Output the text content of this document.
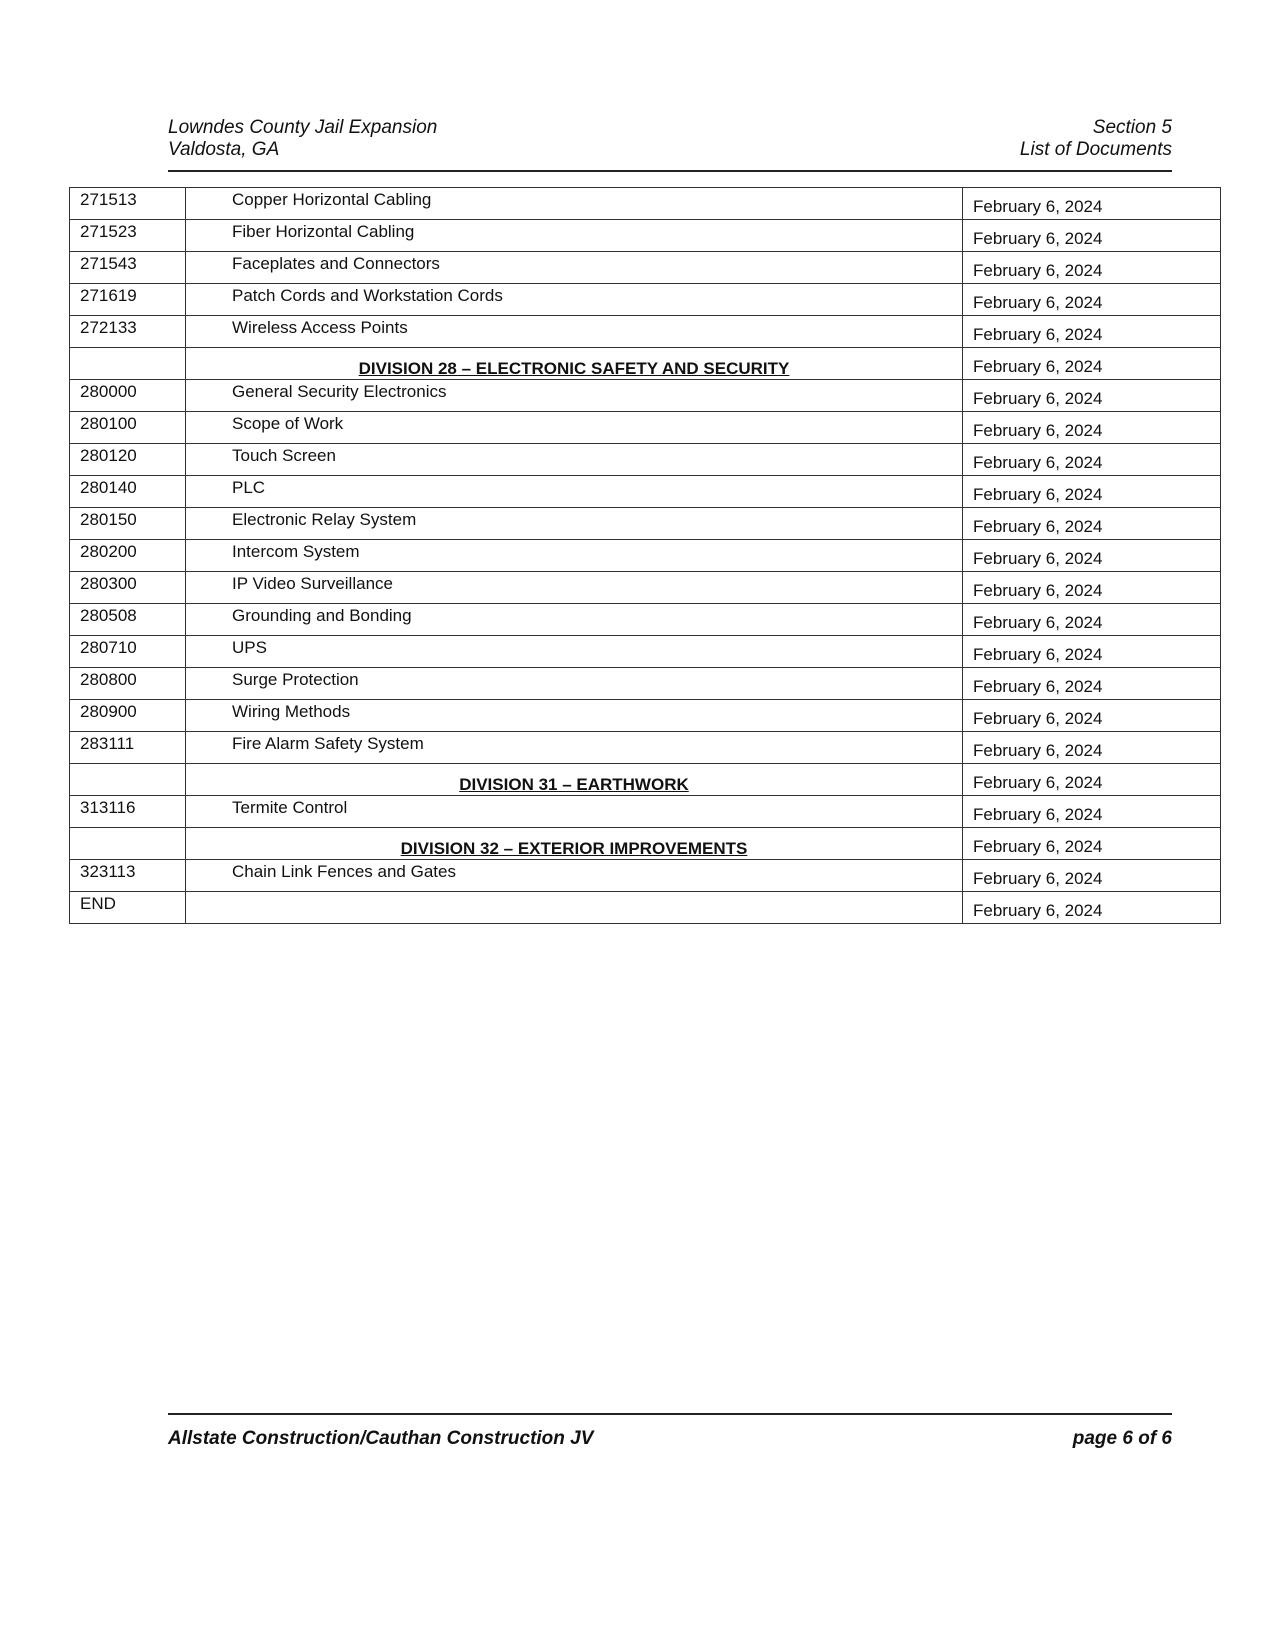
Lowndes County Jail Expansion
Valdosta, GA
Section 5
List of Documents
271513	Copper Horizontal Cabling	February 6, 2024
271523	Fiber Horizontal Cabling	February 6, 2024
271543	Faceplates and Connectors	February 6, 2024
271619	Patch Cords and Workstation Cords	February 6, 2024
272133	Wireless Access Points	February 6, 2024
	DIVISION 28 – ELECTRONIC SAFETY AND SECURITY	February 6, 2024
280000	General Security Electronics	February 6, 2024
280100	Scope of Work	February 6, 2024
280120	Touch Screen	February 6, 2024
280140	PLC	February 6, 2024
280150	Electronic Relay System	February 6, 2024
280200	Intercom System	February 6, 2024
280300	IP Video Surveillance	February 6, 2024
280508	Grounding and Bonding	February 6, 2024
280710	UPS	February 6, 2024
280800	Surge Protection	February 6, 2024
280900	Wiring Methods	February 6, 2024
283111	Fire Alarm Safety System	February 6, 2024
	DIVISION 31 – EARTHWORK	February 6, 2024
313116	Termite Control	February 6, 2024
	DIVISION 32 – EXTERIOR IMPROVEMENTS	February 6, 2024
323113	Chain Link Fences and Gates	February 6, 2024
END		February 6, 2024
Allstate Construction/Cauthan Construction JV	page 6 of 6
